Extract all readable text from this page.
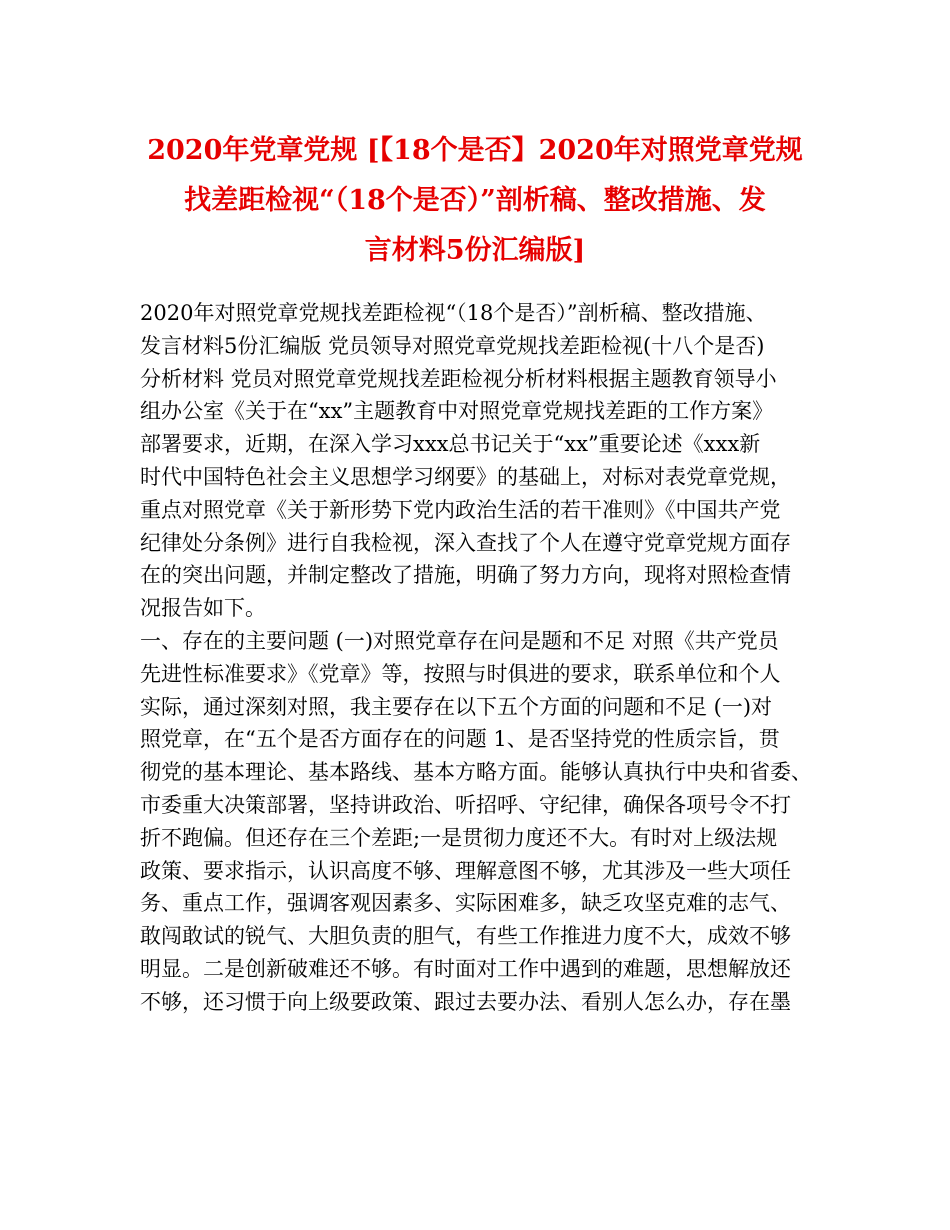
2020年党章党规 [【18个是否】2020年对照党章党规
找差距检视“（18个是否）”剖析稿、整改措施、发
言材料5份汇编版]
2020年对照党章党规找差距检视“（18个是否）”剖析稿、整改措施、
发言材料5份汇编版 党员领导对照党章党规找差距检视(十八个是否)
分析材料 党员对照党章党规找差距检视分析材料根据主题教育领导小
组办公室《关于在“xx”主题教育中对照党章党规找差距的工作方案》
部署要求，近期，在深入学习xxx总书记关于“xx”重要论述《xxx新
时代中国特色社会主义思想学习纲要》的基础上，对标对表党章党规，
重点对照党章《关于新形势下党内政治生活的若干准则》《中国共产党
纪律处分条例》进行自我检视，深入查找了个人在遵守党章党规方面存
在的突出问题，并制定整改了措施，明确了努力方向，现将对照检查情
况报告如下。
一、存在的主要问题 (一)对照党章存在问是题和不足 对照《共产党员
先进性标准要求》《党章》等，按照与时俱进的要求，联系单位和个人
实际，通过深刻对照，我主要存在以下五个方面的问题和不足 (一)对
照党章，在“五个是否方面存在的问题 1、是否坚持党的性质宗旨，贯
彻党的基本理论、基本路线、基本方略方面。能够认真执行中央和省委、
市委重大决策部署，坚持讲政治、听招呼、守纪律，确保各项号令不打
折不跑偏。但还存在三个差距;一是贯彻力度还不大。有时对上级法规
政策、要求指示，认识高度不够、理解意图不够，尤其涉及一些大项任
务、重点工作，强调客观因素多、实际困难多，缺乏攻坚克难的志气、
敢闯敢试的锐气、大胆负责的胆气，有些工作推进力度不大，成效不够
明显。二是创新破难还不够。有时面对工作中遇到的难题，思想解放还
不够，还习惯于向上级要政策、跟过去要办法、看别人怎么办，存在墨
